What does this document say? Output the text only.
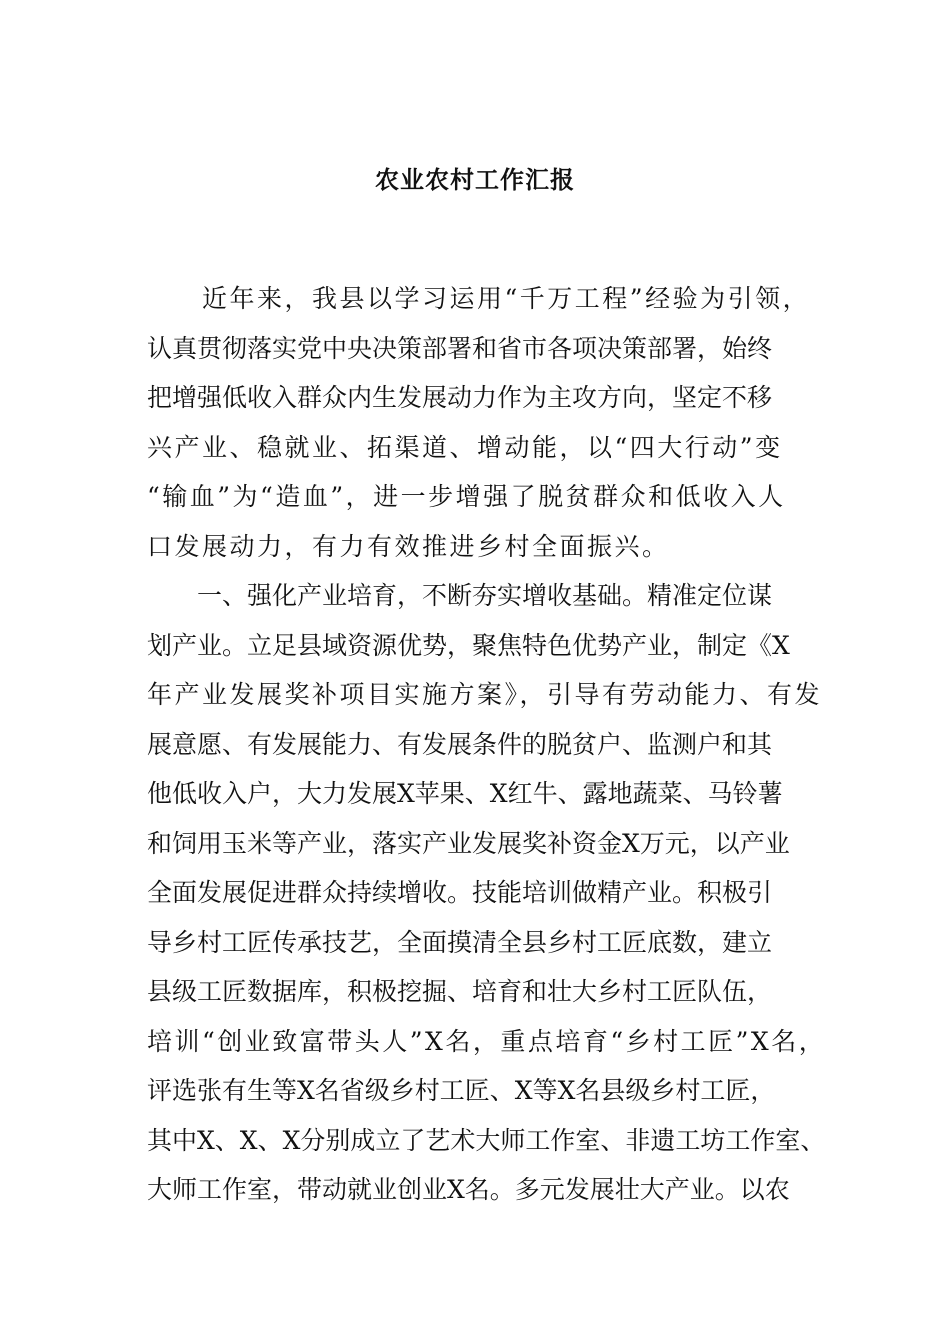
农业农村工作汇报
　　近年来，我县以学习运用“千万工程”经验为引领，
认真贯彻落实党中央决策部署和省市各项决策部署，始终
把增强低收入群众内生发展动力作为主攻方向，坚定不移
兴产业、稳就业、拓渠道、增动能，以“四大行动”变
“输血”为“造血”，进一步增强了脱贫群众和低收入人
口发展动力，有力有效推进乡村全面振兴。
　　一、强化产业培育，不断夯实增收基础。精准定位谋
划产业。立足县域资源优势，聚焦特色优势产业，制定《X
年产业发展奖补项目实施方案》，引导有劳动能力、有发
展意愿、有发展能力、有发展条件的脱贫户、监测户和其
他低收入户，大力发展X苹果、X红牛、露地蔬菜、马铃薯
和饲用玉米等产业，落实产业发展奖补资金X万元，以产业
全面发展促进群众持续增收。技能培训做精产业。积极引
导乡村工匠传承技艺，全面摸清全县乡村工匠底数，建立
县级工匠数据库，积极挖掘、培育和壮大乡村工匠队伍，
培训“创业致富带头人”X名，重点培育“乡村工匠”X名，
评选张有生等X名省级乡村工匠、X等X名县级乡村工匠，
其中X、X、X分别成立了艺术大师工作室、非遗工坊工作室、
大师工作室，带动就业创业X名。多元发展壮大产业。以农
